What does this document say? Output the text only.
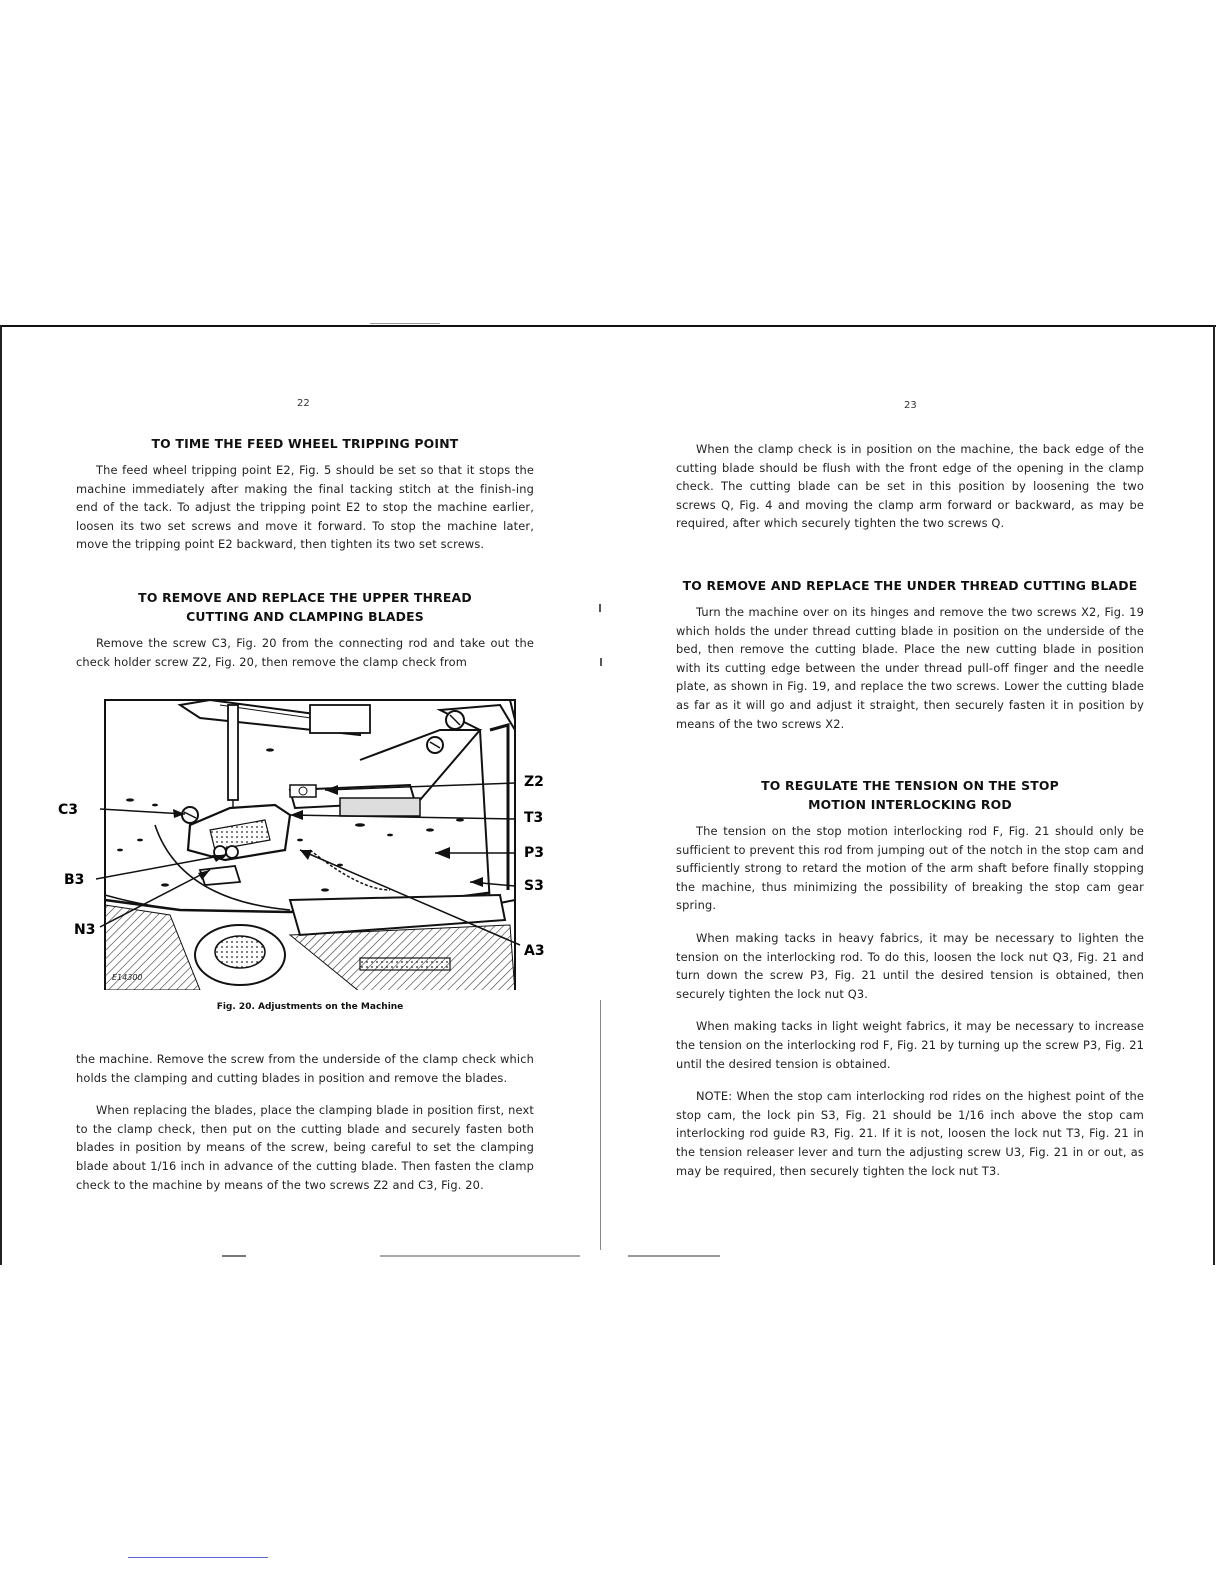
22
TO TIME THE FEED WHEEL TRIPPING POINT

The feed wheel tripping point E2, Fig. 5 should be set so that it stops the machine immediately after making the final tacking stitch at the finish-ing end of the tack. To adjust the tripping point E2 to stop the machine earlier, loosen its two set screws and move it forward. To stop the machine later, move the tripping point E2 backward, then tighten its two set screws.

TO REMOVE AND REPLACE THE UPPER THREAD
CUTTING AND CLAMPING BLADES

Remove the screw C3, Fig. 20 from the connecting rod and take out the check holder screw Z2, Fig. 20, then remove the clamp check from

the machine. Remove the screw from the underside of the clamp check which holds the clamping and cutting blades in position and remove the blades.

When replacing the blades, place the clamping blade in position first, next to the clamp check, then put on the cutting blade and securely fasten both blades in position by means of the screw, being careful to set the clamping blade about 1/16 inch in advance of the cutting blade. Then fasten the clamp check to the machine by means of the two screws Z2 and C3, Fig. 20.

E14300
C3
B3
N3
Z2
T3
P3
S3
A3
Fig. 20. Adjustments on the Machine
23

When the clamp check is in position on the machine, the back edge of the cutting blade should be flush with the front edge of the opening in the clamp check. The cutting blade can be set in this position by loosening the two screws Q, Fig. 4 and moving the clamp arm forward or backward, as may be required, after which securely tighten the two screws Q.

TO REMOVE AND REPLACE THE UNDER THREAD CUTTING BLADE

Turn the machine over on its hinges and remove the two screws X2, Fig. 19 which holds the under thread cutting blade in position on the underside of the bed, then remove the cutting blade. Place the new cutting blade in position with its cutting edge between the under thread pull-off finger and the needle plate, as shown in Fig. 19, and replace the two screws. Lower the cutting blade as far as it will go and adjust it straight, then securely fasten it in position by means of the two screws X2.

TO REGULATE THE TENSION ON THE STOP
MOTION INTERLOCKING ROD

The tension on the stop motion interlocking rod F, Fig. 21 should only be sufficient to prevent this rod from jumping out of the notch in the stop cam and sufficiently strong to retard the motion of the arm shaft before finally stopping the machine, thus minimizing the possibility of breaking the stop cam gear spring.

When making tacks in heavy fabrics, it may be necessary to lighten the tension on the interlocking rod. To do this, loosen the lock nut Q3, Fig. 21 and turn down the screw P3, Fig. 21 until the desired tension is obtained, then securely tighten the lock nut Q3.

When making tacks in light weight fabrics, it may be necessary to increase the tension on the interlocking rod F, Fig. 21 by turning up the screw P3, Fig. 21 until the desired tension is obtained.

NOTE: When the stop cam interlocking rod rides on the highest point of the stop cam, the lock pin S3, Fig. 21 should be 1/16 inch above the stop cam interlocking rod guide R3, Fig. 21. If it is not, loosen the lock nut T3, Fig. 21 in the tension releaser lever and turn the adjusting screw U3, Fig. 21 in or out, as may be required, then securely tighten the lock nut T3.
